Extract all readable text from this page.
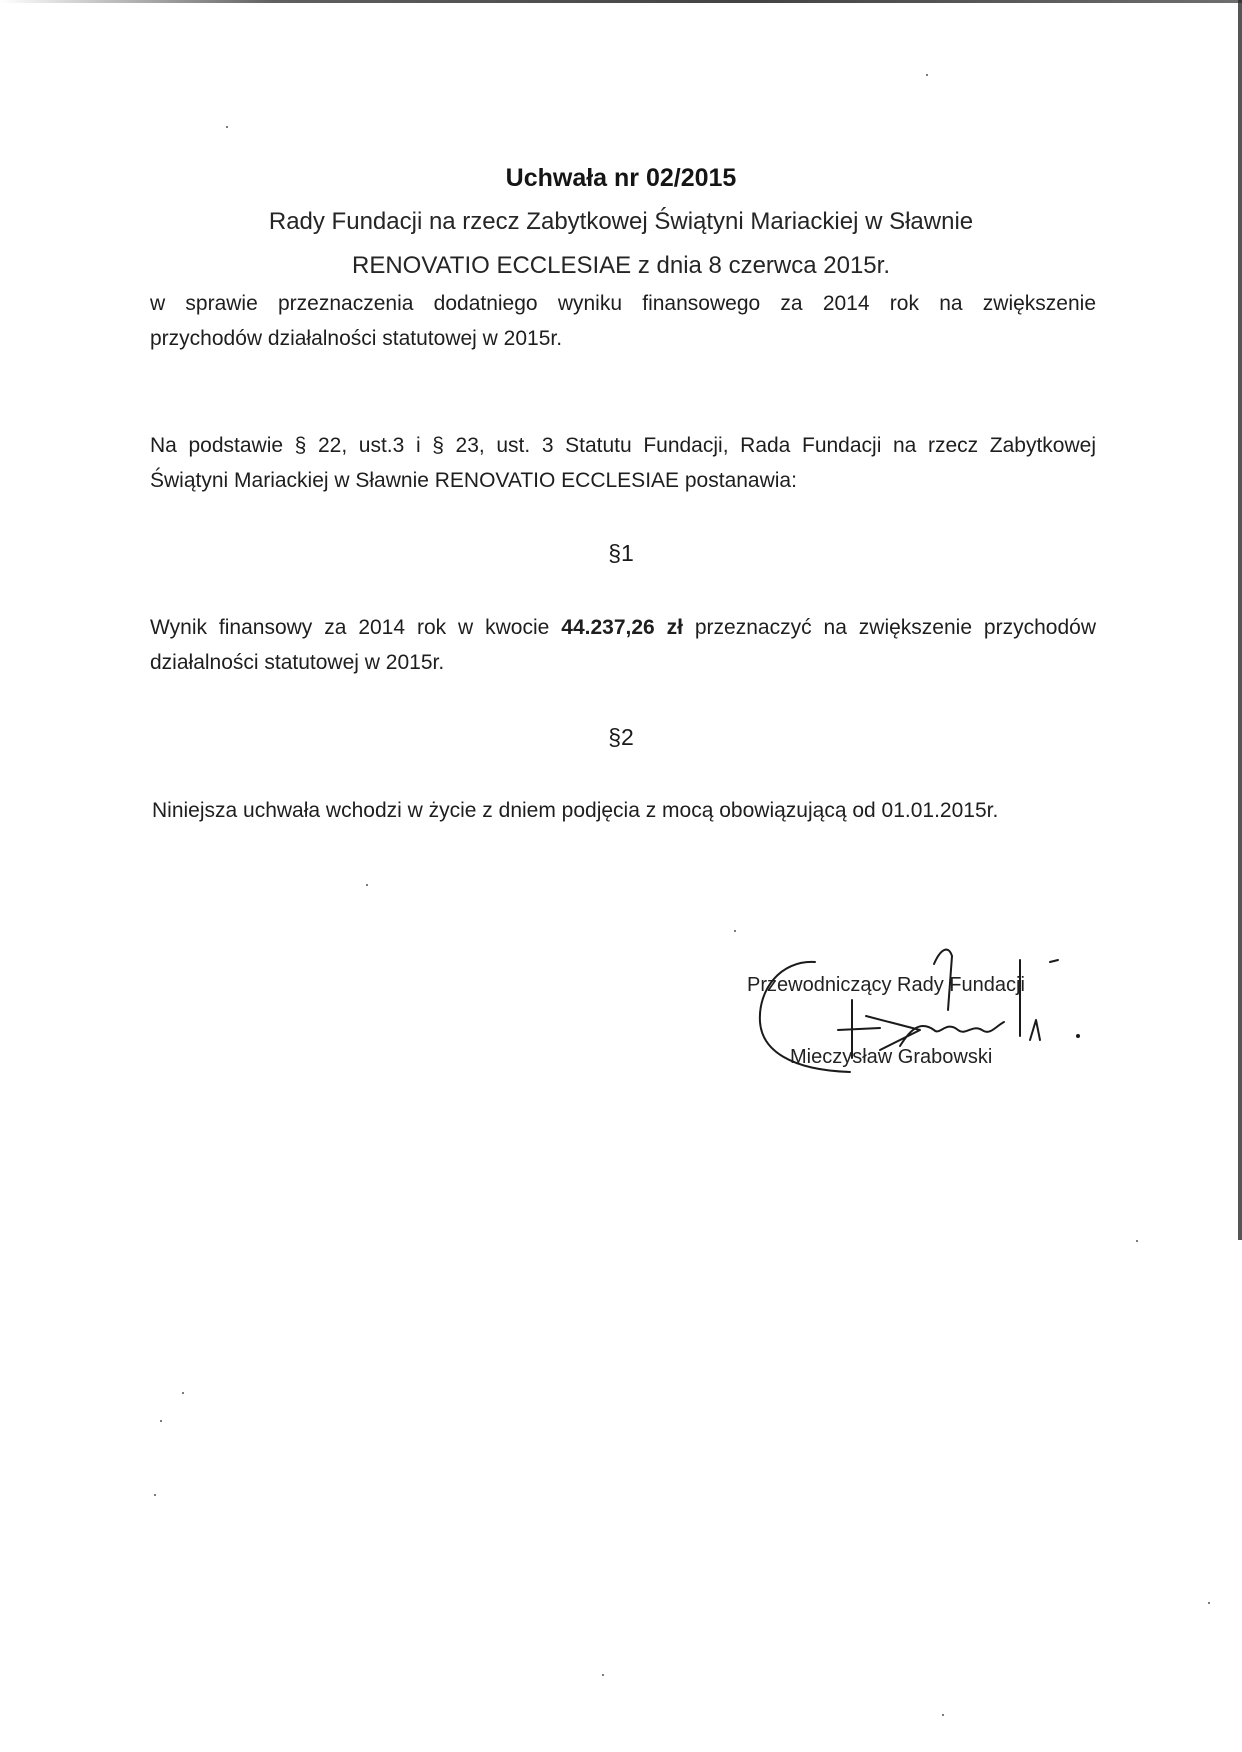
Uchwała nr 02/2015
Rady Fundacji na rzecz Zabytkowej Świątyni Mariackiej w Sławnie
RENOVATIO ECCLESIAE z dnia 8 czerwca 2015r.
w sprawie przeznaczenia dodatniego wyniku finansowego za 2014 rok na zwiększenie
przychodów działalności statutowej w 2015r.
Na podstawie § 22, ust.3 i § 23, ust. 3 Statutu Fundacji, Rada Fundacji na rzecz Zabytkowej
Świątyni Mariackiej w Sławnie RENOVATIO ECCLESIAE postanawia:
§1
Wynik finansowy za 2014 rok w kwocie 44.237,26 zł przeznaczyć na zwiększenie przychodów
działalności statutowej w 2015r.
§2
Niniejsza uchwała wchodzi w życie z dniem podjęcia z mocą obowiązującą od 01.01.2015r.
Przewodniczący Rady Fundacji
Mieczysław Grabowski
